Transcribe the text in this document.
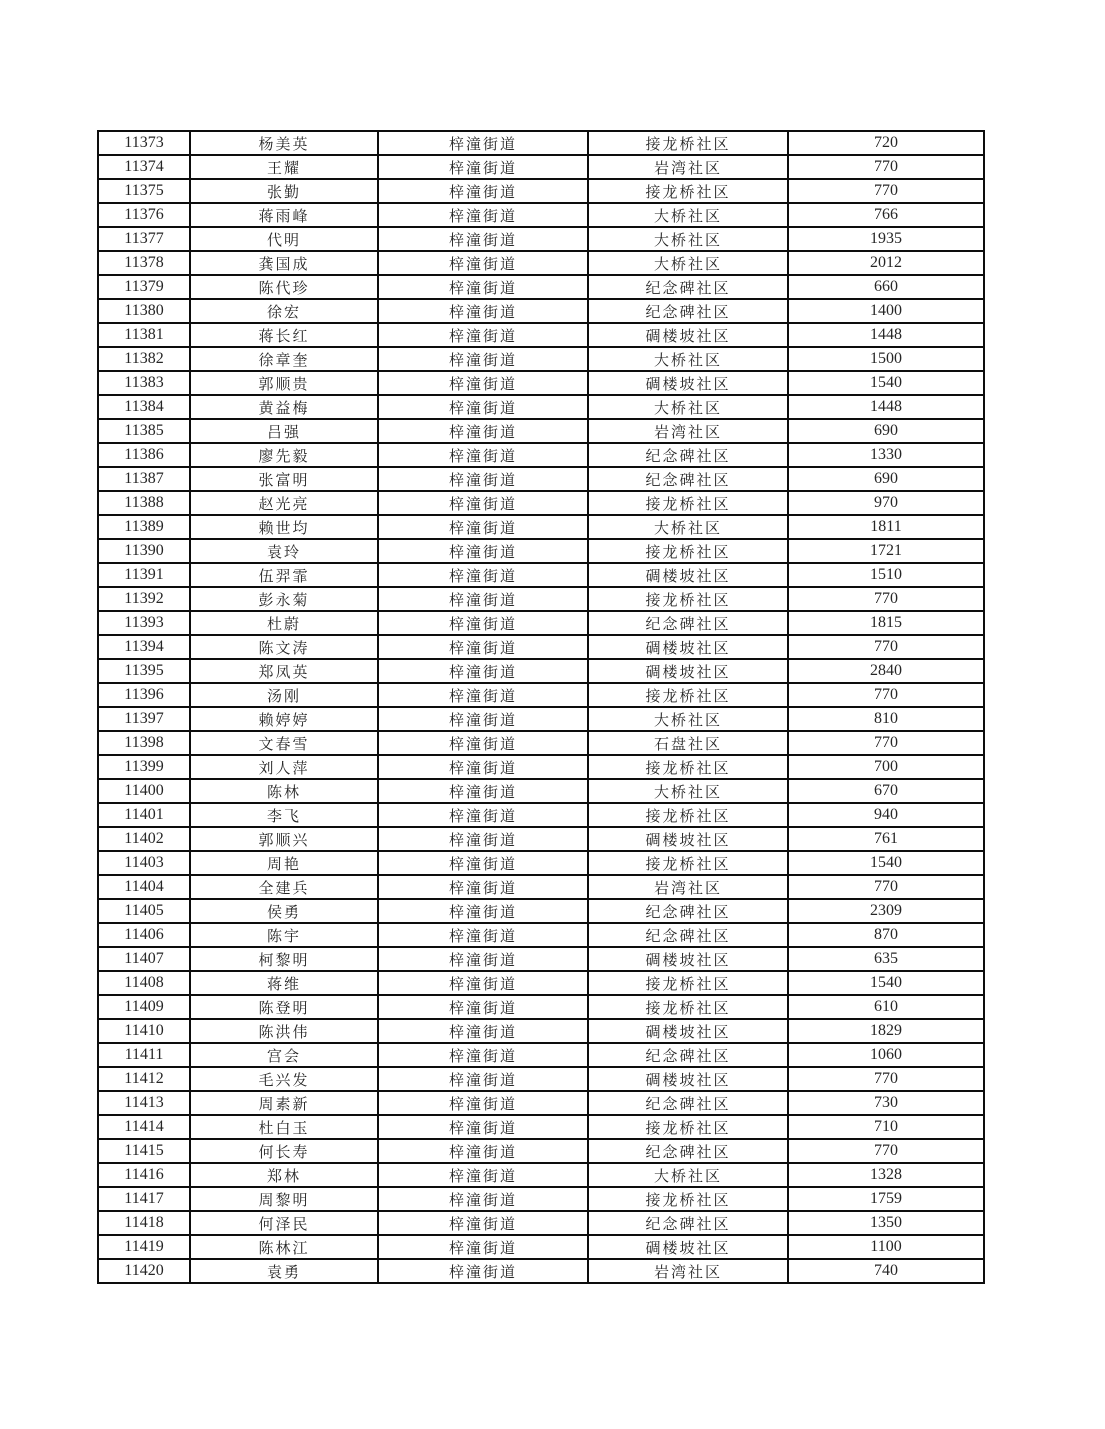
11373	杨美英	梓潼街道	接龙桥社区	720
11374	王耀	梓潼街道	岩湾社区	770
11375	张勤	梓潼街道	接龙桥社区	770
11376	蒋雨峰	梓潼街道	大桥社区	766
11377	代明	梓潼街道	大桥社区	1935
11378	龚国成	梓潼街道	大桥社区	2012
11379	陈代珍	梓潼街道	纪念碑社区	660
11380	徐宏	梓潼街道	纪念碑社区	1400
11381	蒋长红	梓潼街道	碉楼坡社区	1448
11382	徐章奎	梓潼街道	大桥社区	1500
11383	郭顺贵	梓潼街道	碉楼坡社区	1540
11384	黄益梅	梓潼街道	大桥社区	1448
11385	吕强	梓潼街道	岩湾社区	690
11386	廖先毅	梓潼街道	纪念碑社区	1330
11387	张富明	梓潼街道	纪念碑社区	690
11388	赵光亮	梓潼街道	接龙桥社区	970
11389	赖世均	梓潼街道	大桥社区	1811
11390	袁玲	梓潼街道	接龙桥社区	1721
11391	伍羿霏	梓潼街道	碉楼坡社区	1510
11392	彭永菊	梓潼街道	接龙桥社区	770
11393	杜蔚	梓潼街道	纪念碑社区	1815
11394	陈文涛	梓潼街道	碉楼坡社区	770
11395	郑凤英	梓潼街道	碉楼坡社区	2840
11396	汤刚	梓潼街道	接龙桥社区	770
11397	赖婷婷	梓潼街道	大桥社区	810
11398	文春雪	梓潼街道	石盘社区	770
11399	刘人萍	梓潼街道	接龙桥社区	700
11400	陈林	梓潼街道	大桥社区	670
11401	李飞	梓潼街道	接龙桥社区	940
11402	郭顺兴	梓潼街道	碉楼坡社区	761
11403	周艳	梓潼街道	接龙桥社区	1540
11404	全建兵	梓潼街道	岩湾社区	770
11405	侯勇	梓潼街道	纪念碑社区	2309
11406	陈宇	梓潼街道	纪念碑社区	870
11407	柯黎明	梓潼街道	碉楼坡社区	635
11408	蒋维	梓潼街道	接龙桥社区	1540
11409	陈登明	梓潼街道	接龙桥社区	610
11410	陈洪伟	梓潼街道	碉楼坡社区	1829
11411	宫会	梓潼街道	纪念碑社区	1060
11412	毛兴发	梓潼街道	碉楼坡社区	770
11413	周素新	梓潼街道	纪念碑社区	730
11414	杜白玉	梓潼街道	接龙桥社区	710
11415	何长寿	梓潼街道	纪念碑社区	770
11416	郑林	梓潼街道	大桥社区	1328
11417	周黎明	梓潼街道	接龙桥社区	1759
11418	何泽民	梓潼街道	纪念碑社区	1350
11419	陈林江	梓潼街道	碉楼坡社区	1100
11420	袁勇	梓潼街道	岩湾社区	740
